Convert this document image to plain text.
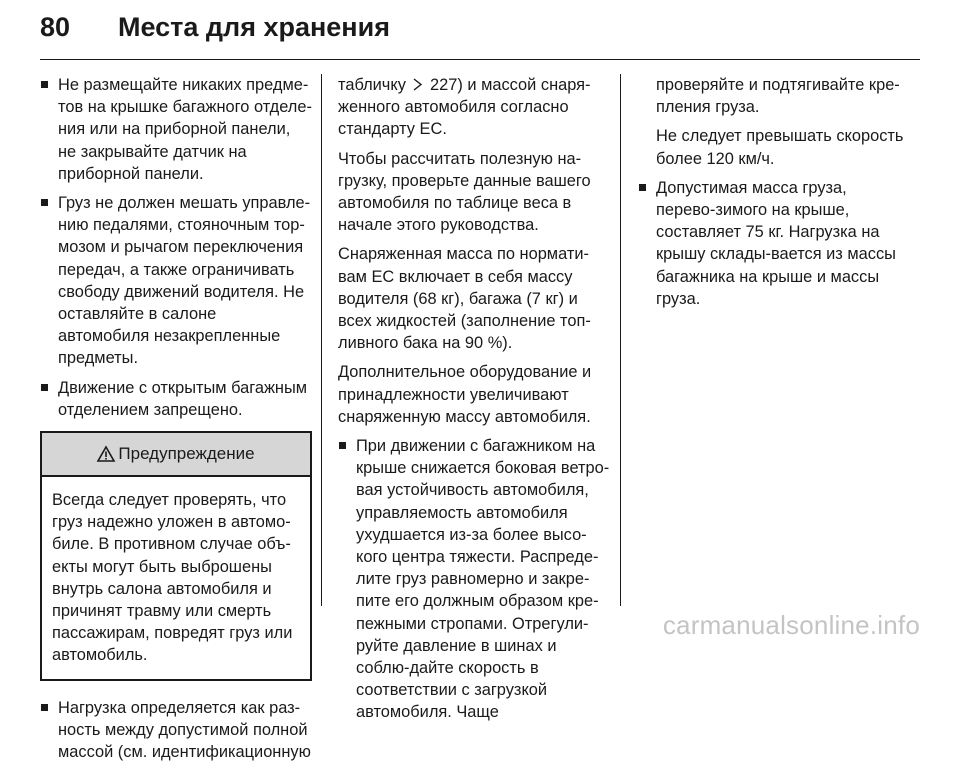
80	Места для хранения
Не размещайте никаких предме-тов на крышке багажного отделе-ния или на приборной панели, не закрывайте датчик на приборной панели.
Груз не должен мешать управле-нию педалями, стояночным тор-мозом и рычагом переключения передач, а также ограничивать свободу движений водителя. Не оставляйте в салоне автомобиля незакрепленные предметы.
Движение с открытым багажным отделением запрещено.
Предупреждение
Всегда следует проверять, что груз надежно уложен в автомо-биле. В противном случае объ-екты могут быть выброшены внутрь салона автомобиля и причинят травму или смерть пассажирам, повредят груз или автомобиль.
Нагрузка определяется как раз-ность между допустимой полной массой (см. идентификационную
табличку 227) и массой снаря-женного автомобиля согласно стандарту ЕС.
Чтобы рассчитать полезную на-грузку, проверьте данные вашего автомобиля по таблице веса в начале этого руководства.
Снаряженная масса по нормати-вам ЕС включает в себя массу водителя (68 кг), багажа (7 кг) и всех жидкостей (заполнение топ-ливного бака на 90 %).
Дополнительное оборудование и принадлежности увеличивают снаряженную массу автомобиля.
При движении с багажником на крыше снижается боковая ветро-вая устойчивость автомобиля, управляемость автомобиля ухудшается из-за более высо-кого центра тяжести. Распреде-лите груз равномерно и закре-пите его должным образом кре-пежными стропами. Отрегули-руйте давление в шинах и соблю-дайте скорость в соответствии с загрузкой автомобиля. Чаще
проверяйте и подтягивайте кре-пления груза.
Не следует превышать скорость более 120 км/ч.
Допустимая масса груза, перево-зимого на крыше, составляет 75 кг. Нагрузка на крышу склады-вается из массы багажника на крыше и массы груза.
carmanualsonline.info
